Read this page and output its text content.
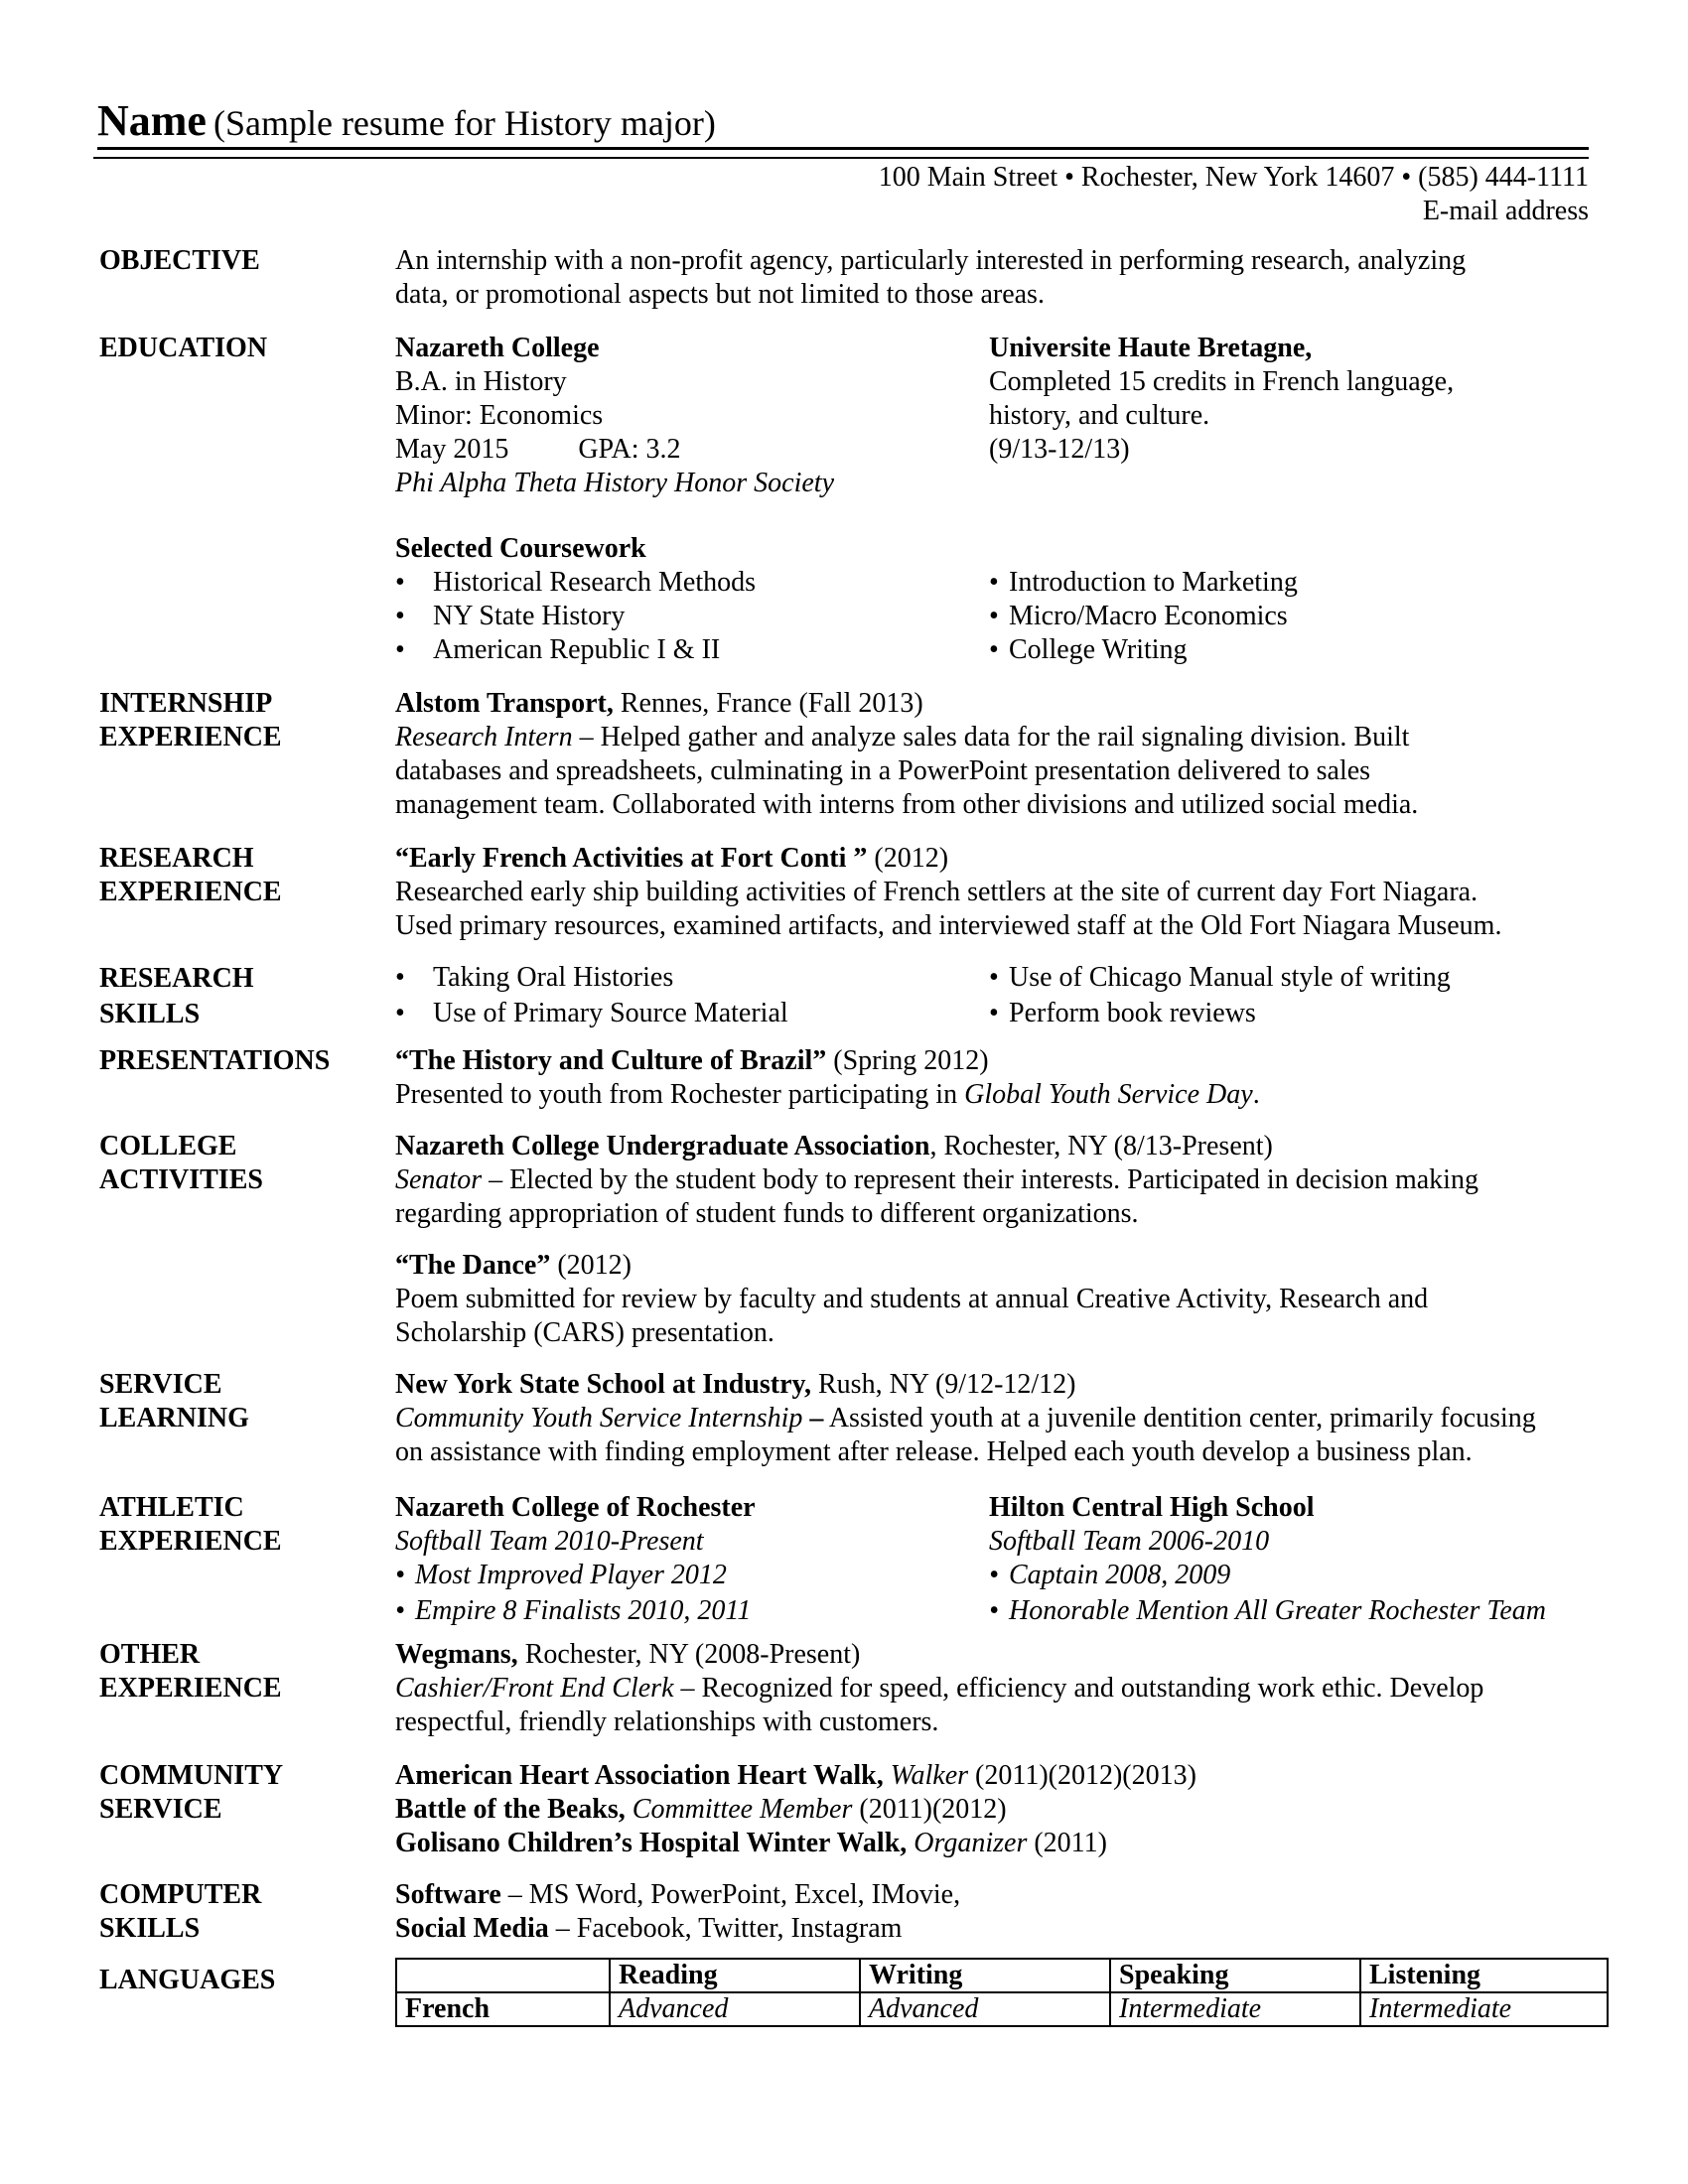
Name (Sample resume for History major)
100 Main Street • Rochester, New York 14607 • (585) 444-1111
E-mail address
OBJECTIVE	An internship with a non-profit agency, particularly interested in performing research, analyzing
data, or promotional aspects but not limited to those areas.
EDUCATION	Nazareth College
B.A. in History
Minor: Economics
May 2015	GPA: 3.2
Phi Alpha Theta History Honor Society
Universite Haute Bretagne,
Completed 15 credits in French language,
history, and culture.
(9/13-12/13)
Selected Coursework
• Historical Research Methods
• NY State History
• American Republic I & II
• Introduction to Marketing
• Micro/Macro Economics
• College Writing
INTERNSHIP
EXPERIENCE
Alstom Transport, Rennes, France (Fall 2013)
Research Intern – Helped gather and analyze sales data for the rail signaling division. Built
databases and spreadsheets, culminating in a PowerPoint presentation delivered to sales
management team. Collaborated with interns from other divisions and utilized social media.
RESEARCH
EXPERIENCE
“Early French Activities at Fort Conti ” (2012)
Researched early ship building activities of French settlers at the site of current day Fort Niagara.
Used primary resources, examined artifacts, and interviewed staff at the Old Fort Niagara Museum.
RESEARCH
SKILLS
• Taking Oral Histories
• Use of Primary Source Material
• Use of Chicago Manual style of writing
• Perform book reviews
PRESENTATIONS	“The History and Culture of Brazil” (Spring 2012)
Presented to youth from Rochester participating in Global Youth Service Day.
COLLEGE
ACTIVITIES
Nazareth College Undergraduate Association, Rochester, NY (8/13-Present)
Senator – Elected by the student body to represent their interests. Participated in decision making
regarding appropriation of student funds to different organizations.
“The Dance” (2012)
Poem submitted for review by faculty and students at annual Creative Activity, Research and
Scholarship (CARS) presentation.
SERVICE
LEARNING
New York State School at Industry, Rush, NY (9/12-12/12)
Community Youth Service Internship – Assisted youth at a juvenile dentition center, primarily focusing
on assistance with finding employment after release. Helped each youth develop a business plan.
ATHLETIC
EXPERIENCE
Nazareth College of Rochester
Softball Team 2010-Present
• Most Improved Player 2012
• Empire 8 Finalists 2010, 2011
Hilton Central High School
Softball Team 2006-2010
• Captain 2008, 2009
• Honorable Mention All Greater Rochester Team
OTHER
EXPERIENCE
Wegmans, Rochester, NY (2008-Present)
Cashier/Front End Clerk – Recognized for speed, efficiency and outstanding work ethic. Develop
respectful, friendly relationships with customers.
COMMUNITY
SERVICE
American Heart Association Heart Walk, Walker (2011)(2012)(2013)
Battle of the Beaks, Committee Member (2011)(2012)
Golisano Children’s Hospital Winter Walk, Organizer (2011)
COMPUTER
SKILLS
Software – MS Word, PowerPoint, Excel, IMovie,
Social Media – Facebook, Twitter, Instagram
LANGUAGES
		Reading	Writing	Speaking	Listening
French	Advanced	Advanced	Intermediate	Intermediate
